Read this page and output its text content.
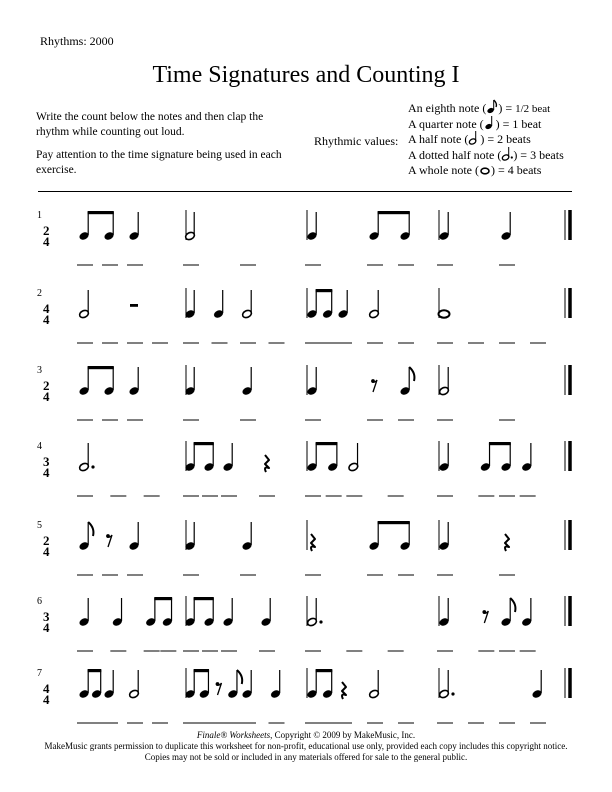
Rhythms: 2000

Time Signatures and Counting I

Write the count below the notes and then clap the rhythm while counting out loud.

Pay attention to the time signature being used in each exercise.

Rhythmic values:

An eighth note ( ) = 1/2 beat

A quarter note ( ) = 1 beat

A half note ( ) = 2 beats

A dotted half note ( ) = 3 beats

A whole note ( ) = 4 beats

1
2
4
2
4
4
3
2
4
4
3
4
5
2
4
6
3
4
7
4
4

Finale® Worksheets, Copyright © 2009 by MakeMusic, Inc.

MakeMusic grants permission to duplicate this worksheet for non-profit, educational use only, provided each copy includes this copyright notice.

Copies may not be sold or included in any materials offered for sale to the general public.
